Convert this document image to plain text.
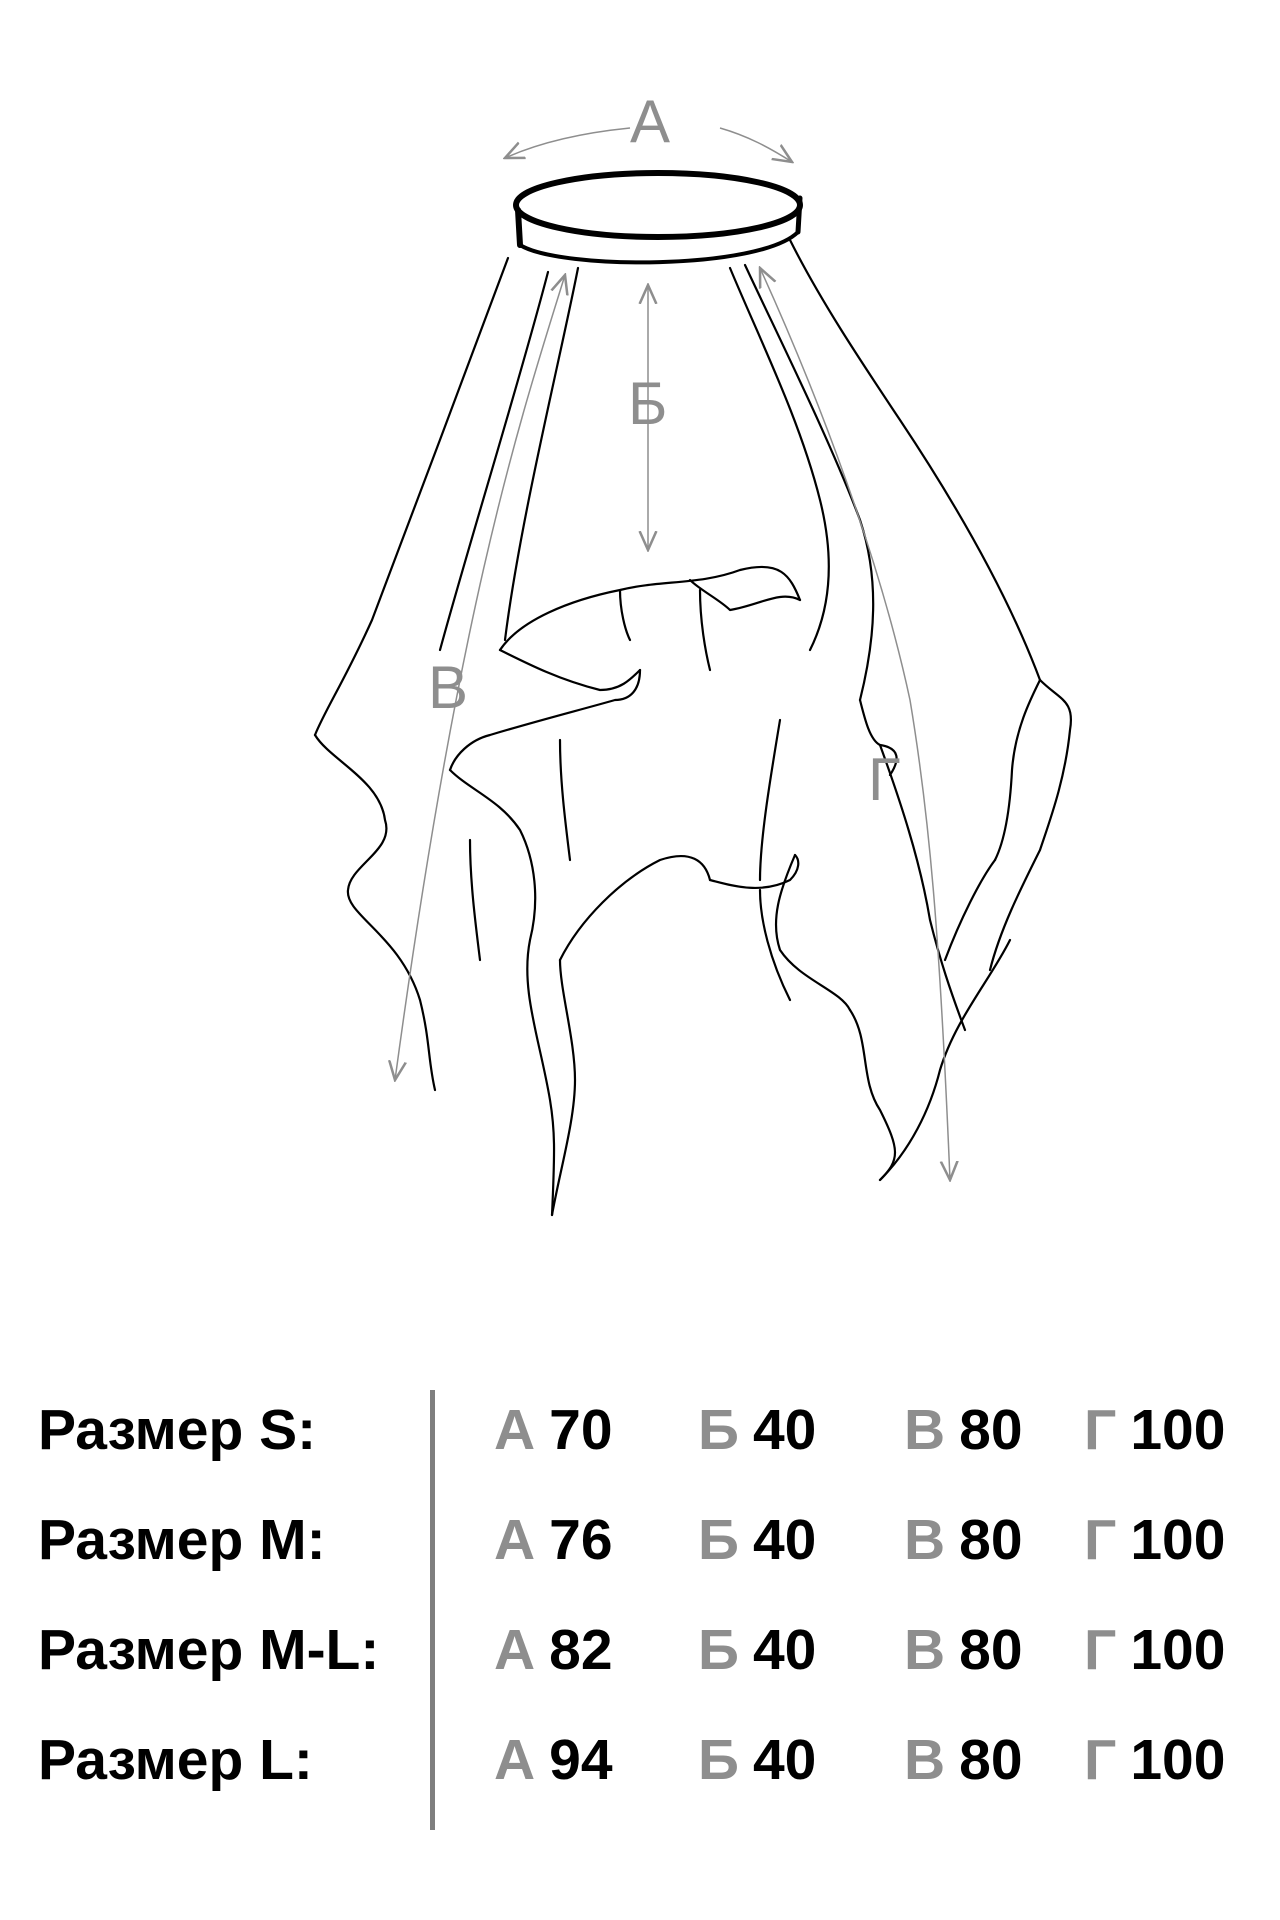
А
Б
В
Г
Размер S:	А 70 Б 40 В 80 Г 100
Размер M:	А 76 Б 40 В 80 Г 100
Размер M-L: А 82 Б 40 В 80 Г 100
Размер L:	А 94 Б 40 В 80 Г 100
